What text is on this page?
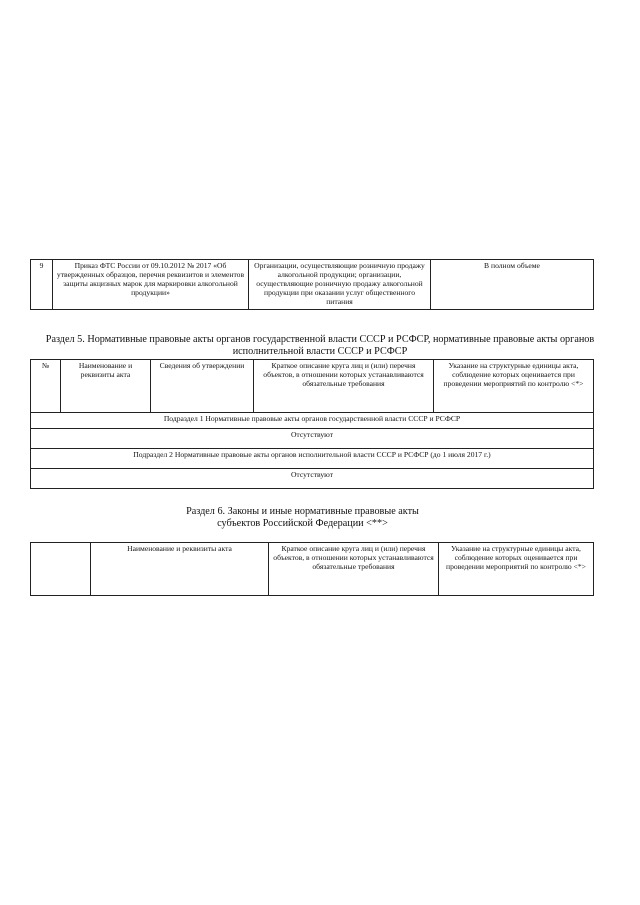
9	Приказ ФТС России от 09.10.2012 № 2017 «Об утвержденных образцов, перечня реквизитов и элементов защиты акцизных марок для маркировки алкогольной продукции»	Организации, осуществляющие розничную продажу алкогольной продукции; организации, осуществляющие розничную продажу алкогольной продукции при оказании услуг общественного питания	В полном объеме
Раздел 5. Нормативные правовые акты органов государственной власти СССР и РСФСР, нормативные правовые акты органов исполнительной власти СССР и РСФСР
№	Наименование и реквизиты акта	Сведения об утверждении	Краткое описание круга лиц и (или) перечня объектов, в отношении которых устанавливаются обязательные требования	Указание на структурные единицы акта, соблюдение которых оценивается при проведении мероприятий по контролю <*>
Подраздел 1 Нормативные правовые акты органов государственной власти СССР и РСФСР
Отсутствуют
Подраздел 2 Нормативные правовые акты органов исполнительной власти СССР и РСФСР (до 1 июля 2017 г.)
Отсутствуют
Раздел 6. Законы и иные нормативные правовые акты субъектов Российской Федерации <**>
	Наименование и реквизиты акта	Краткое описание круга лиц и (или) перечня объектов, в отношении которых устанавливаются обязательные требования	Указание на структурные единицы акта, соблюдение которых оценивается при проведении мероприятий по контролю <*>
